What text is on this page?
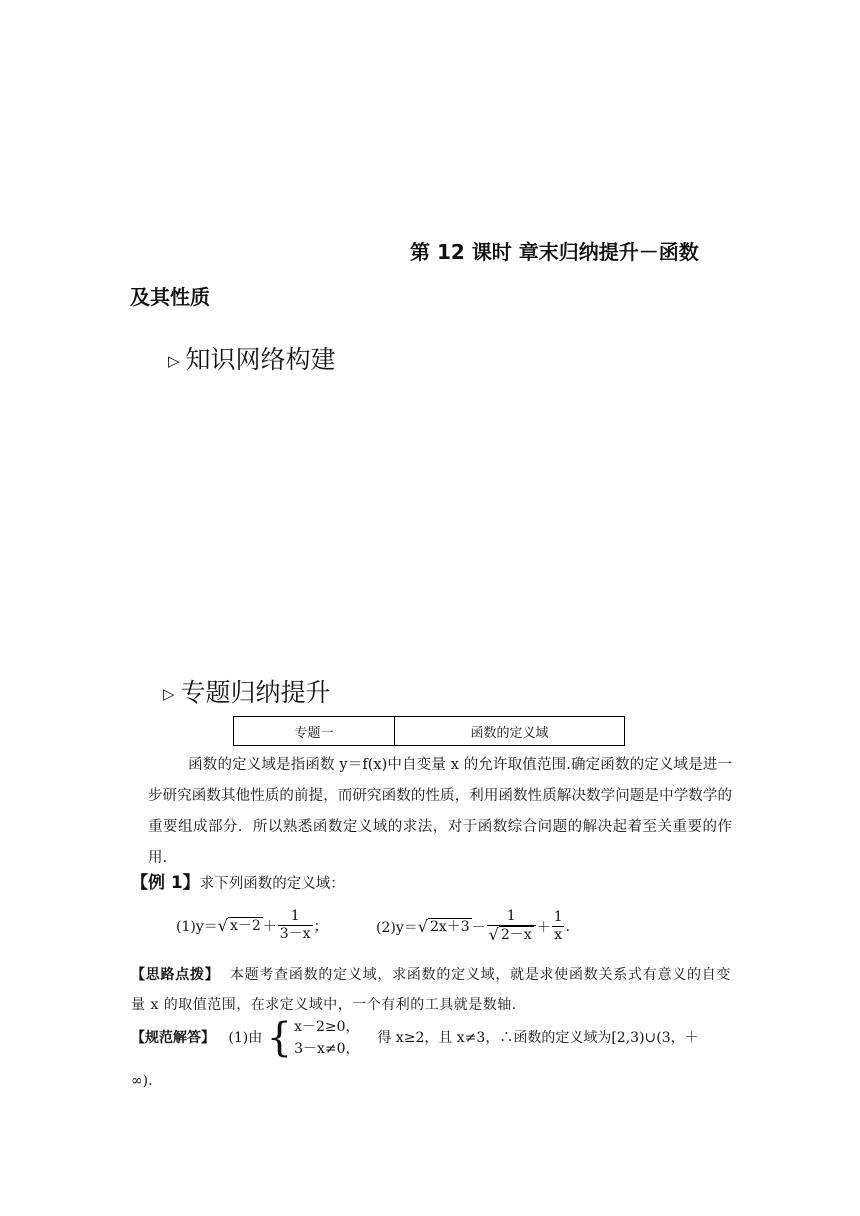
第 12 课时 章末归纳提升－函数
及其性质
▷ 知识网络构建
▷ 专题归纳提升
专题一	函数的定义域
函数的定义域是指函数 y＝f(x)中自变量 x 的允许取值范围.确定函数的定义域是进一步研究函数其他性质的前提，而研究函数的性质，利用函数性质解决数学问题是中学数学的重要组成部分．所以熟悉函数定义域的求法，对于函数综合问题的解决起着至关重要的作用.
【例 1】求下列函数的定义域：
(1)y＝ √ $x-2 + \frac{1}{3-x}$ ；	(2)y＝ √ $2x+3 - \frac{1}{√ 2-x} + \frac{1}{x}$ .
【思路点拨】 本题考查函数的定义域，求函数的定义域，就是求使函数关系式有意义的自变量 x 的取值范围，在求定义域中，一个有利的工具就是数轴.
【规范解答】 (1)由 { x－2≥0，
3－x≠0，
得 x≥2，且 x≠3，∴函数的定义域为[2,3)∪(3，＋
∞).
